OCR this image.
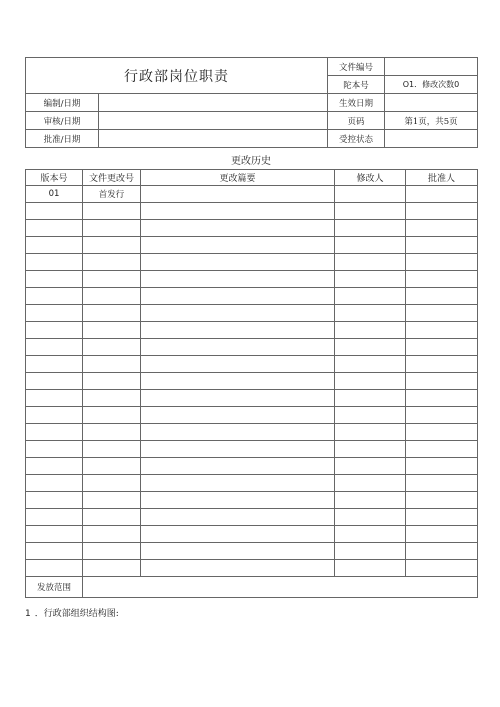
行政部岗位职责		文件编号	
		陀本号	O1．修改次数0
编制/日期		生效日期	
审核/日期		页码	第1页，共5页
批准/日期		受控状态	
更改历史
版本号	文件更改号	更改篇要	修改人	批准人
01	首发行			

发放范围				
1 ．行政部组织结构图:
